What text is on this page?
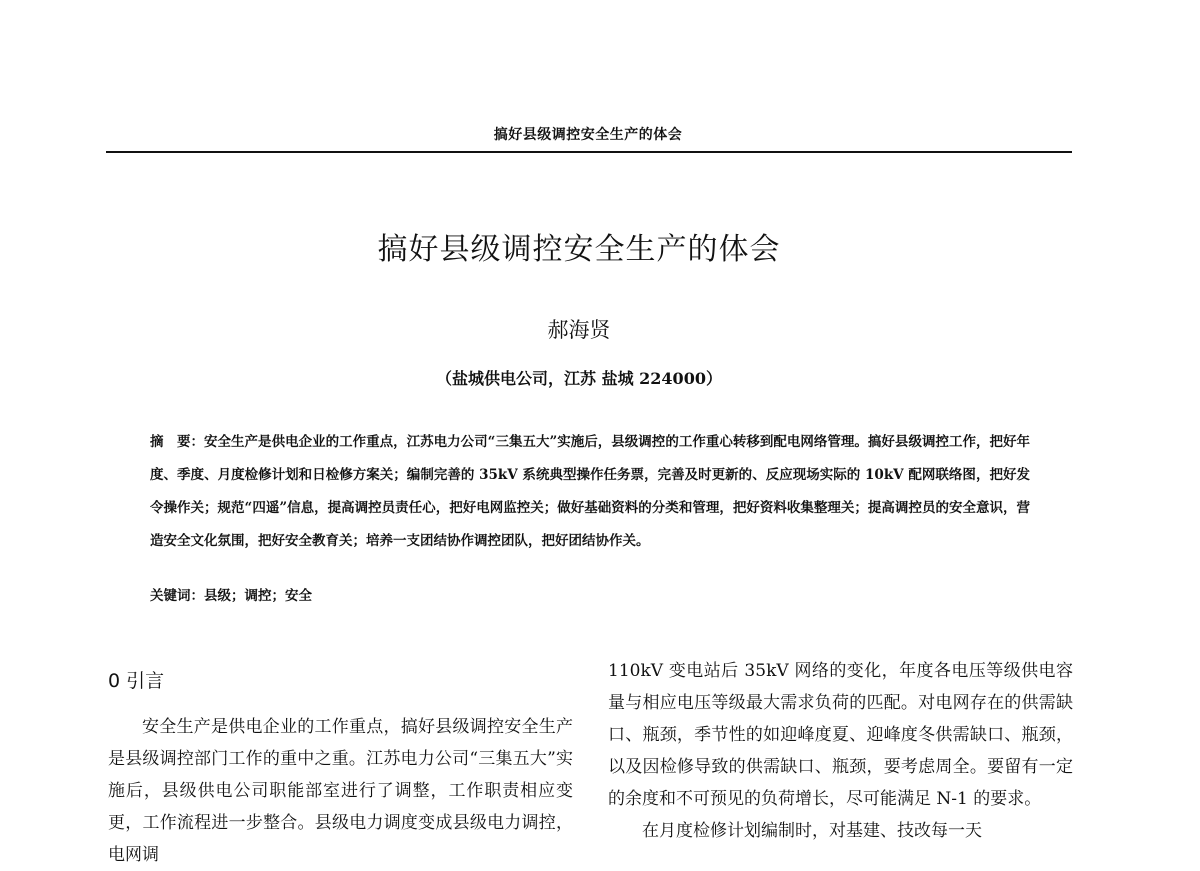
搞好县级调控安全生产的体会
搞好县级调控安全生产的体会
郝海贤
（盐城供电公司，江苏 盐城 224000）
摘　要：安全生产是供电企业的工作重点，江苏电力公司“三集五大”实施后，县级调控的工作重心转移到配电网络管理。搞好县级调控工作，把好年度、季度、月度检修计划和日检修方案关；编制完善的 35kV 系统典型操作任务票，完善及时更新的、反应现场实际的 10kV 配网联络图，把好发令操作关；规范“四遥”信息，提高调控员责任心，把好电网监控关；做好基础资料的分类和管理，把好资料收集整理关；提高调控员的安全意识，营造安全文化氛围，把好安全教育关；培养一支团结协作调控团队，把好团结协作关。
关键词：县级；调控；安全
0 引言

安全生产是供电企业的工作重点，搞好县级调控安全生产是县级调控部门工作的重中之重。江苏电力公司“三集五大”实施后，县级供电公司职能部室进行了调整，工作职责相应变更，工作流程进一步整合。县级电力调度变成县级电力调控，电网调

110kV 变电站后 35kV 网络的变化，年度各电压等级供电容量与相应电压等级最大需求负荷的匹配。对电网存在的供需缺口、瓶颈，季节性的如迎峰度夏、迎峰度冬供需缺口、瓶颈，以及因检修导致的供需缺口、瓶颈，要考虑周全。要留有一定的余度和不可预见的负荷增长，尽可能满足 N-1 的要求。

在月度检修计划编制时，对基建、技改每一天
